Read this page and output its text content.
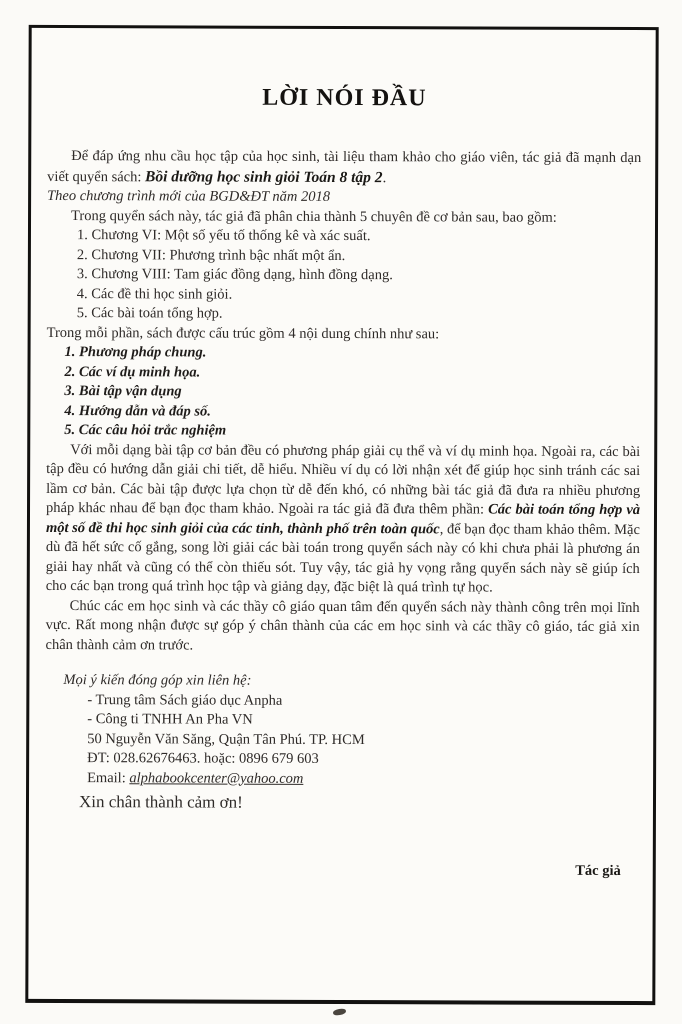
LỜI NÓI ĐẦU

Để đáp ứng nhu cầu học tập của học sinh, tài liệu tham khảo cho giáo viên, tác giả đã mạnh dạn viết quyển sách: Bồi dưỡng học sinh giỏi Toán 8 tập 2.

Theo chương trình mới của BGD&ĐT năm 2018

Trong quyển sách này, tác giả đã phân chia thành 5 chuyên đề cơ bản sau, bao gồm:

1. Chương VI: Một số yếu tố thống kê và xác suất.
2. Chương VII: Phương trình bậc nhất một ẩn.
3. Chương VIII: Tam giác đồng dạng, hình đồng dạng.
4. Các đề thi học sinh giỏi.
5. Các bài toán tổng hợp.

Trong mỗi phần, sách được cấu trúc gồm 4 nội dung chính như sau:

1. Phương pháp chung.
2. Các ví dụ minh họa.
3. Bài tập vận dụng
4. Hướng dẫn và đáp số.
5. Các câu hỏi trắc nghiệm

Với mỗi dạng bài tập cơ bản đều có phương pháp giải cụ thể và ví dụ minh họa. Ngoài ra, các bài tập đều có hướng dẫn giải chi tiết, dễ hiểu. Nhiều ví dụ có lời nhận xét để giúp học sinh tránh các sai lầm cơ bản. Các bài tập được lựa chọn từ dễ đến khó, có những bài tác giả đã đưa ra nhiều phương pháp khác nhau để bạn đọc tham khảo. Ngoài ra tác giả đã đưa thêm phần: Các bài toán tổng hợp và một số đề thi học sinh giỏi của các tỉnh, thành phố trên toàn quốc, để bạn đọc tham khảo thêm. Mặc dù đã hết sức cố gắng, song lời giải các bài toán trong quyển sách này có khi chưa phải là phương án giải hay nhất và cũng có thể còn thiếu sót. Tuy vậy, tác giả hy vọng rằng quyển sách này sẽ giúp ích cho các bạn trong quá trình học tập và giảng dạy, đặc biệt là quá trình tự học.

Chúc các em học sinh và các thầy cô giáo quan tâm đến quyển sách này thành công trên mọi lĩnh vực. Rất mong nhận được sự góp ý chân thành của các em học sinh và các thầy cô giáo, tác giả xin chân thành cảm ơn trước.

Mọi ý kiến đóng góp xin liên hệ:

- Trung tâm Sách giáo dục Anpha

- Công ti TNHH An Pha VN

50 Nguyễn Văn Săng, Quận Tân Phú. TP. HCM

ĐT: 028.62676463. hoặc: 0896 679 603

Email: alphabookcenter@yahoo.com

Xin chân thành cảm ơn!

Tác giả
